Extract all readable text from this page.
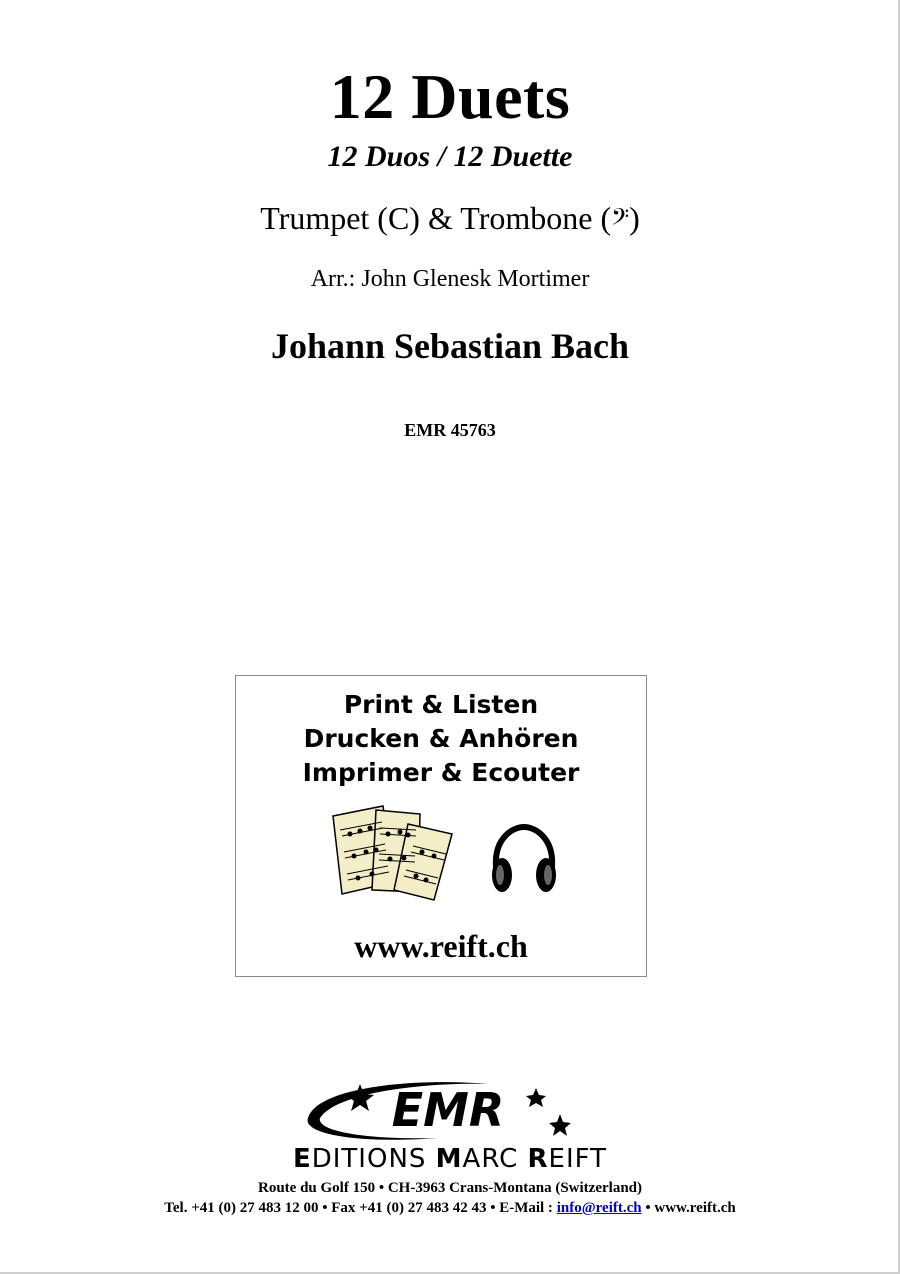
12 Duets
12 Duos / 12 Duette
Trumpet (C) & Trombone (𝄢)
Arr.: John Glenesk Mortimer
Johann Sebastian Bach
EMR 45763
Print & Listen
Drucken & Anhören
Imprimer & Ecouter
www.reift.ch
EMR
EDITIONS MARC REIFT
Route du Golf 150 • CH-3963 Crans-Montana (Switzerland)
Tel. +41 (0) 27 483 12 00 • Fax +41 (0) 27 483 42 43 • E-Mail : info@reift.ch • www.reift.ch
